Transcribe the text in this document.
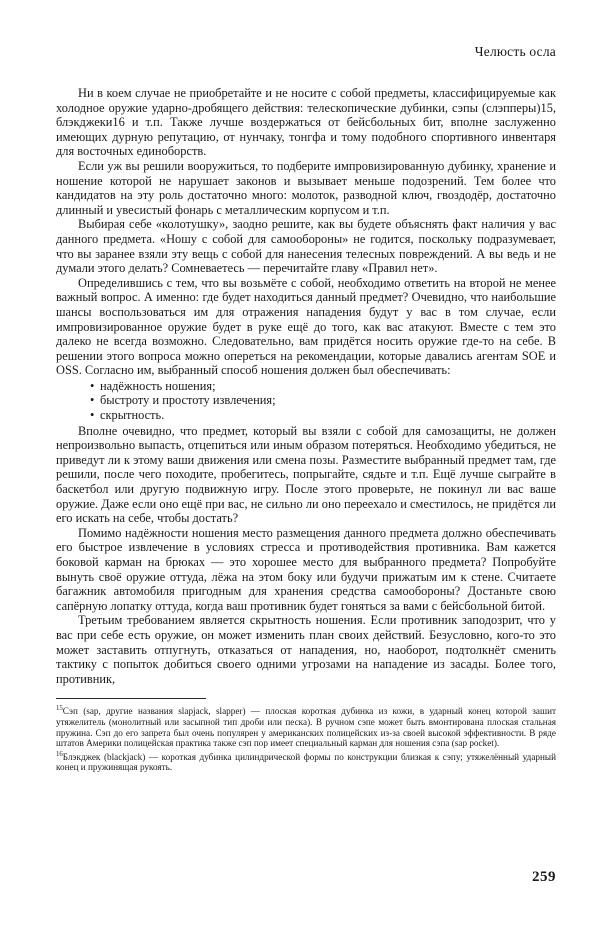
Челюсть осла

Ни в коем случае не приобретайте и не носите с собой предметы, классифицируемые как холодное оружие ударно-дробящего действия: телескопические дубинки, сэпы (слэпперы)15, блэкджеки16 и т.п. Также лучше воздержаться от бейсбольных бит, вполне заслуженно имеющих дурную репутацию, от нунчаку, тонгфа и тому подобного спортивного инвентаря для восточных единоборств.

Если уж вы решили вооружиться, то подберите импровизированную дубинку, хранение и ношение которой не нарушает законов и вызывает меньше подозрений. Тем более что кандидатов на эту роль достаточно много: молоток, разводной ключ, гвоздодёр, достаточно длинный и увесистый фонарь с металлическим корпусом и т.п.

Выбирая себе «колотушку», заодно решите, как вы будете объяснять факт наличия у вас данного предмета. «Ношу с собой для самообороны» не годится, поскольку подразумевает, что вы заранее взяли эту вещь с собой для нанесения телесных повреждений. А вы ведь и не думали этого делать? Сомневаетесь — перечитайте главу «Правил нет».

Определившись с тем, что вы возьмёте с собой, необходимо ответить на второй не менее важный вопрос. А именно: где будет находиться данный предмет? Очевидно, что наибольшие шансы воспользоваться им для отражения нападения будут у вас в том случае, если импровизированное оружие будет в руке ещё до того, как вас атакуют. Вместе с тем это далеко не всегда возможно. Следовательно, вам придётся носить оружие где-то на себе. В решении этого вопроса можно опереться на рекомендации, которые давались агентам SOE и OSS. Согласно им, выбранный способ ношения должен был обеспечивать:

• надёжность ношения;
• быстроту и простоту извлечения;
• скрытность.

Вполне очевидно, что предмет, который вы взяли с собой для самозащиты, не должен непроизвольно выпасть, отцепиться или иным образом потеряться. Необходимо убедиться, не приведут ли к этому ваши движения или смена позы. Разместите выбранный предмет там, где решили, после чего походите, пробегитесь, попрыгайте, сядьте и т.п. Ещё лучше сыграйте в баскетбол или другую подвижную игру. После этого проверьте, не покинул ли вас ваше оружие. Даже если оно ещё при вас, не сильно ли оно переехало и сместилось, не придётся ли его искать на себе, чтобы достать?

Помимо надёжности ношения место размещения данного предмета должно обеспечивать его быстрое извлечение в условиях стресса и противодействия противника. Вам кажется боковой карман на брюках — это хорошее место для выбранного предмета? Попробуйте вынуть своё оружие оттуда, лёжа на этом боку или будучи прижатым им к стене. Считаете багажник автомобиля пригодным для хранения средства самообороны? Достаньте свою сапёрную лопатку оттуда, когда ваш противник будет гоняться за вами с бейсбольной битой.

Третьим требованием является скрытность ношения. Если противник заподозрит, что у вас при себе есть оружие, он может изменить план своих действий. Безусловно, кого-то это может заставить отпугнуть, отказаться от нападения, но, наоборот, подтолкнёт сменить тактику с попыток добиться своего одними угрозами на нападение из засады. Более того, противник,

$^{15}$Сэп (sap, другие названия slapjack, slapper) — плоская короткая дубинка из кожи, в ударный конец которой зашит утяжелитель (монолитный или засыпной тип дроби или песка). В ручном сэпе может быть вмонтирована плоская стальная пружина. Сэп до его запрета был очень популярен у американских полицейских из-за своей высокой эффективности. В ряде штатов Америки полицейская практика также сэп пор имеет специальный карман для ношения сэпа (sap pocket).

$^{16}$Блэкджек (blackjack) — короткая дубинка цилиндрической формы по конструкции близкая к сэпу; утяжелённый ударный конец и пружинящая рукоять.

259
